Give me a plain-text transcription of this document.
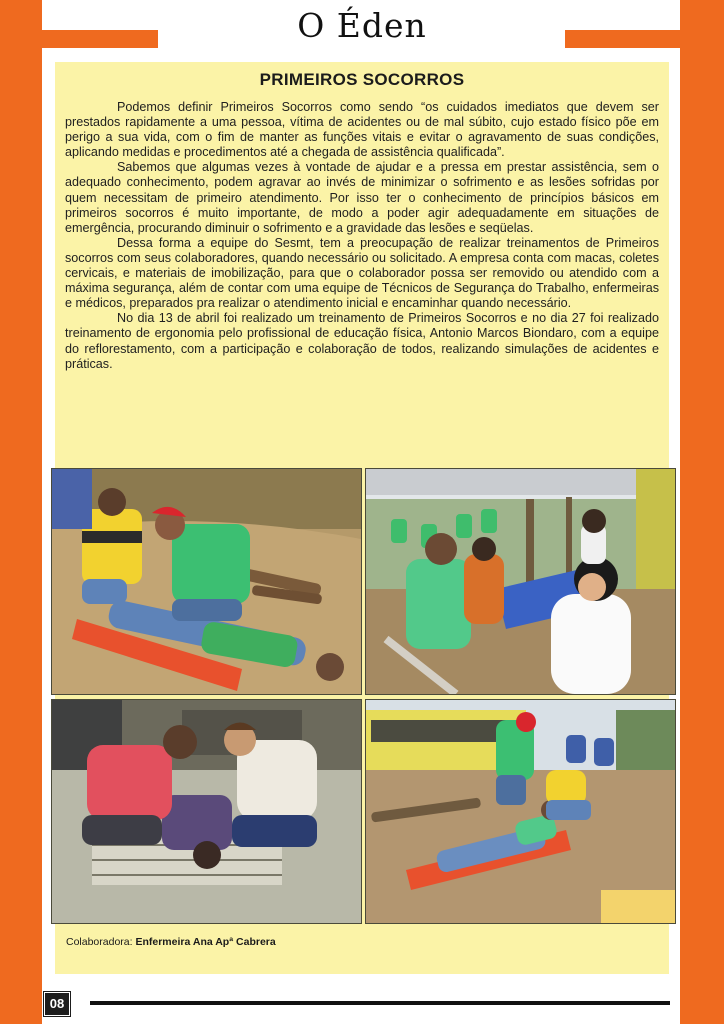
O Éden
PRIMEIROS SOCORROS

Podemos definir Primeiros Socorros como sendo “os cuidados imediatos que devem ser prestados rapidamente a uma pessoa, vítima de acidentes ou de mal súbito, cujo estado físico põe em perigo a sua vida, com o fim de manter as funções vitais e evitar o agravamento de suas condições, aplicando medidas e procedimentos até a chegada de assistência qualificada”.

Sabemos que algumas vezes à vontade de ajudar e a pressa em prestar assistência, sem o adequado conhecimento, podem agravar ao invés de minimizar o sofrimento e as lesões sofridas por quem necessitam de primeiro atendimento. Por isso ter o conhecimento de princípios básicos em primeiros socorros é muito importante, de modo a poder agir adequadamente em situações de emergência, procurando diminuir o sofrimento e a gravidade das lesões e seqüelas.

Dessa forma a equipe do Sesmt, tem a preocupação de realizar treinamentos de Primeiros socorros com seus colaboradores, quando necessário ou solicitado. A empresa conta com macas, coletes cervicais, e materiais de imobilização, para que o colaborador possa ser removido ou atendido com a máxima segurança, além de contar com uma equipe de Técnicos de Segurança do Trabalho, enfermeiras e médicos, preparados pra realizar o atendimento inicial e encaminhar quando necessário.

No dia 13 de abril foi realizado um treinamento de Primeiros Socorros e no dia 27 foi realizado treinamento de ergonomia pelo profissional de educação física, Antonio Marcos Biondaro, com a equipe do reflorestamento, com a participação e colaboração de todos, realizando simulações de acidentes e práticas.

Colaboradora: Enfermeira Ana Apª Cabrera
08
